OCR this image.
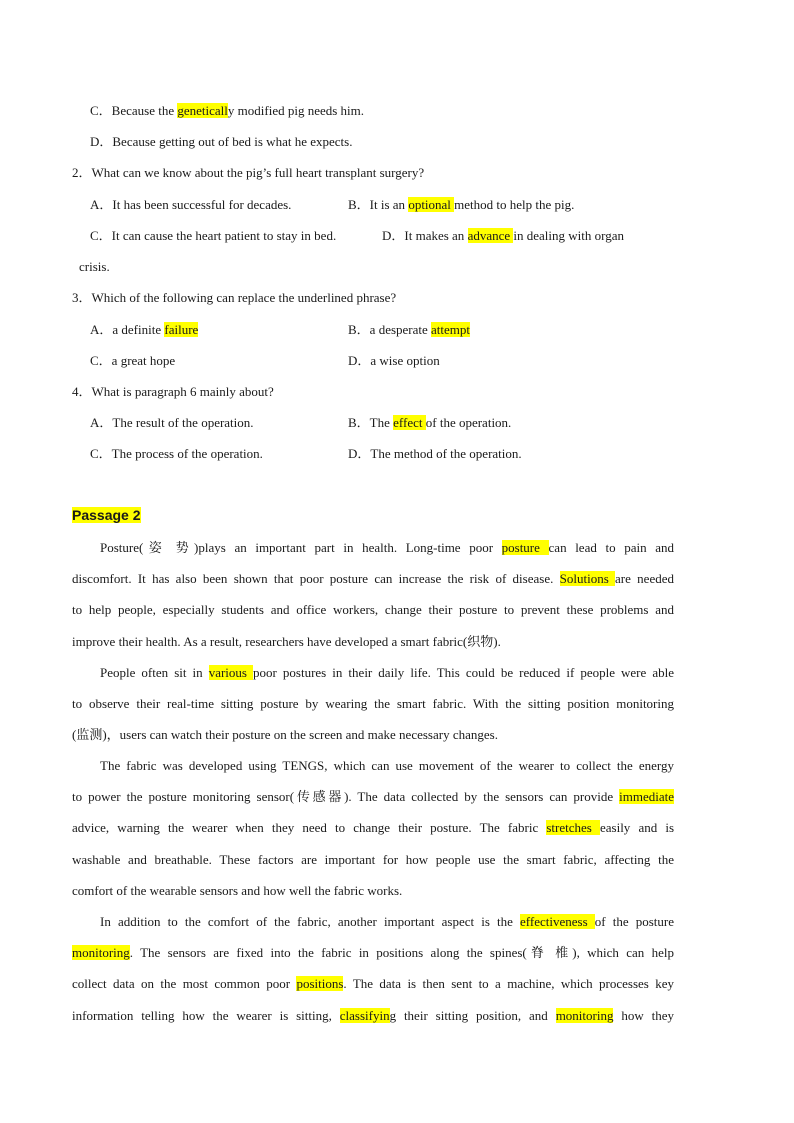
C．Because the genetically modified pig needs him.
D．Because getting out of bed is what he expects.
2．What can we know about the pig’s full heart transplant surgery?
A．It has been successful for decades.	B．It is an optional method to help the pig.
C．It can cause the heart patient to stay in bed.	D．It makes an advance in dealing with organ
crisis.
3．Which of the following can replace the underlined phrase?
A．a definite failure	B．a desperate attempt
C．a great hope	D．a wise option
4．What is paragraph 6 mainly about?
A．The result of the operation.	B．The effect of the operation.
C．The process of the operation.	D．The method of the operation.
Passage 2
Posture(姿 势)plays an important part in health. Long-time poor posture can lead to pain and
discomfort. It has also been shown that poor posture can increase the risk of disease. Solutions are needed
to help people, especially students and office workers, change their posture to prevent these problems and
improve their health. As a result, researchers have developed a smart fabric(织物).
People often sit in various poor postures in their daily life. This could be reduced if people were able
to observe their real-time sitting posture by wearing the smart fabric. With the sitting position monitoring
(监测)，users can watch their posture on the screen and make necessary changes.
The fabric was developed using TENGS, which can use movement of the wearer to collect the energy
to power the posture monitoring sensor(传感器). The data collected by the sensors can provide immediate
advice, warning the wearer when they need to change their posture. The fabric stretches easily and is
washable and breathable. These factors are important for how people use the smart fabric, affecting the
comfort of the wearable sensors and how well the fabric works.
In addition to the comfort of the fabric, another important aspect is the effectiveness of the posture
monitoring. The sensors are fixed into the fabric in positions along the spines(脊 椎), which can help
collect data on the most common poor positions. The data is then sent to a machine, which processes key
information telling how the wearer is sitting, classifying their sitting position, and monitoring how they
